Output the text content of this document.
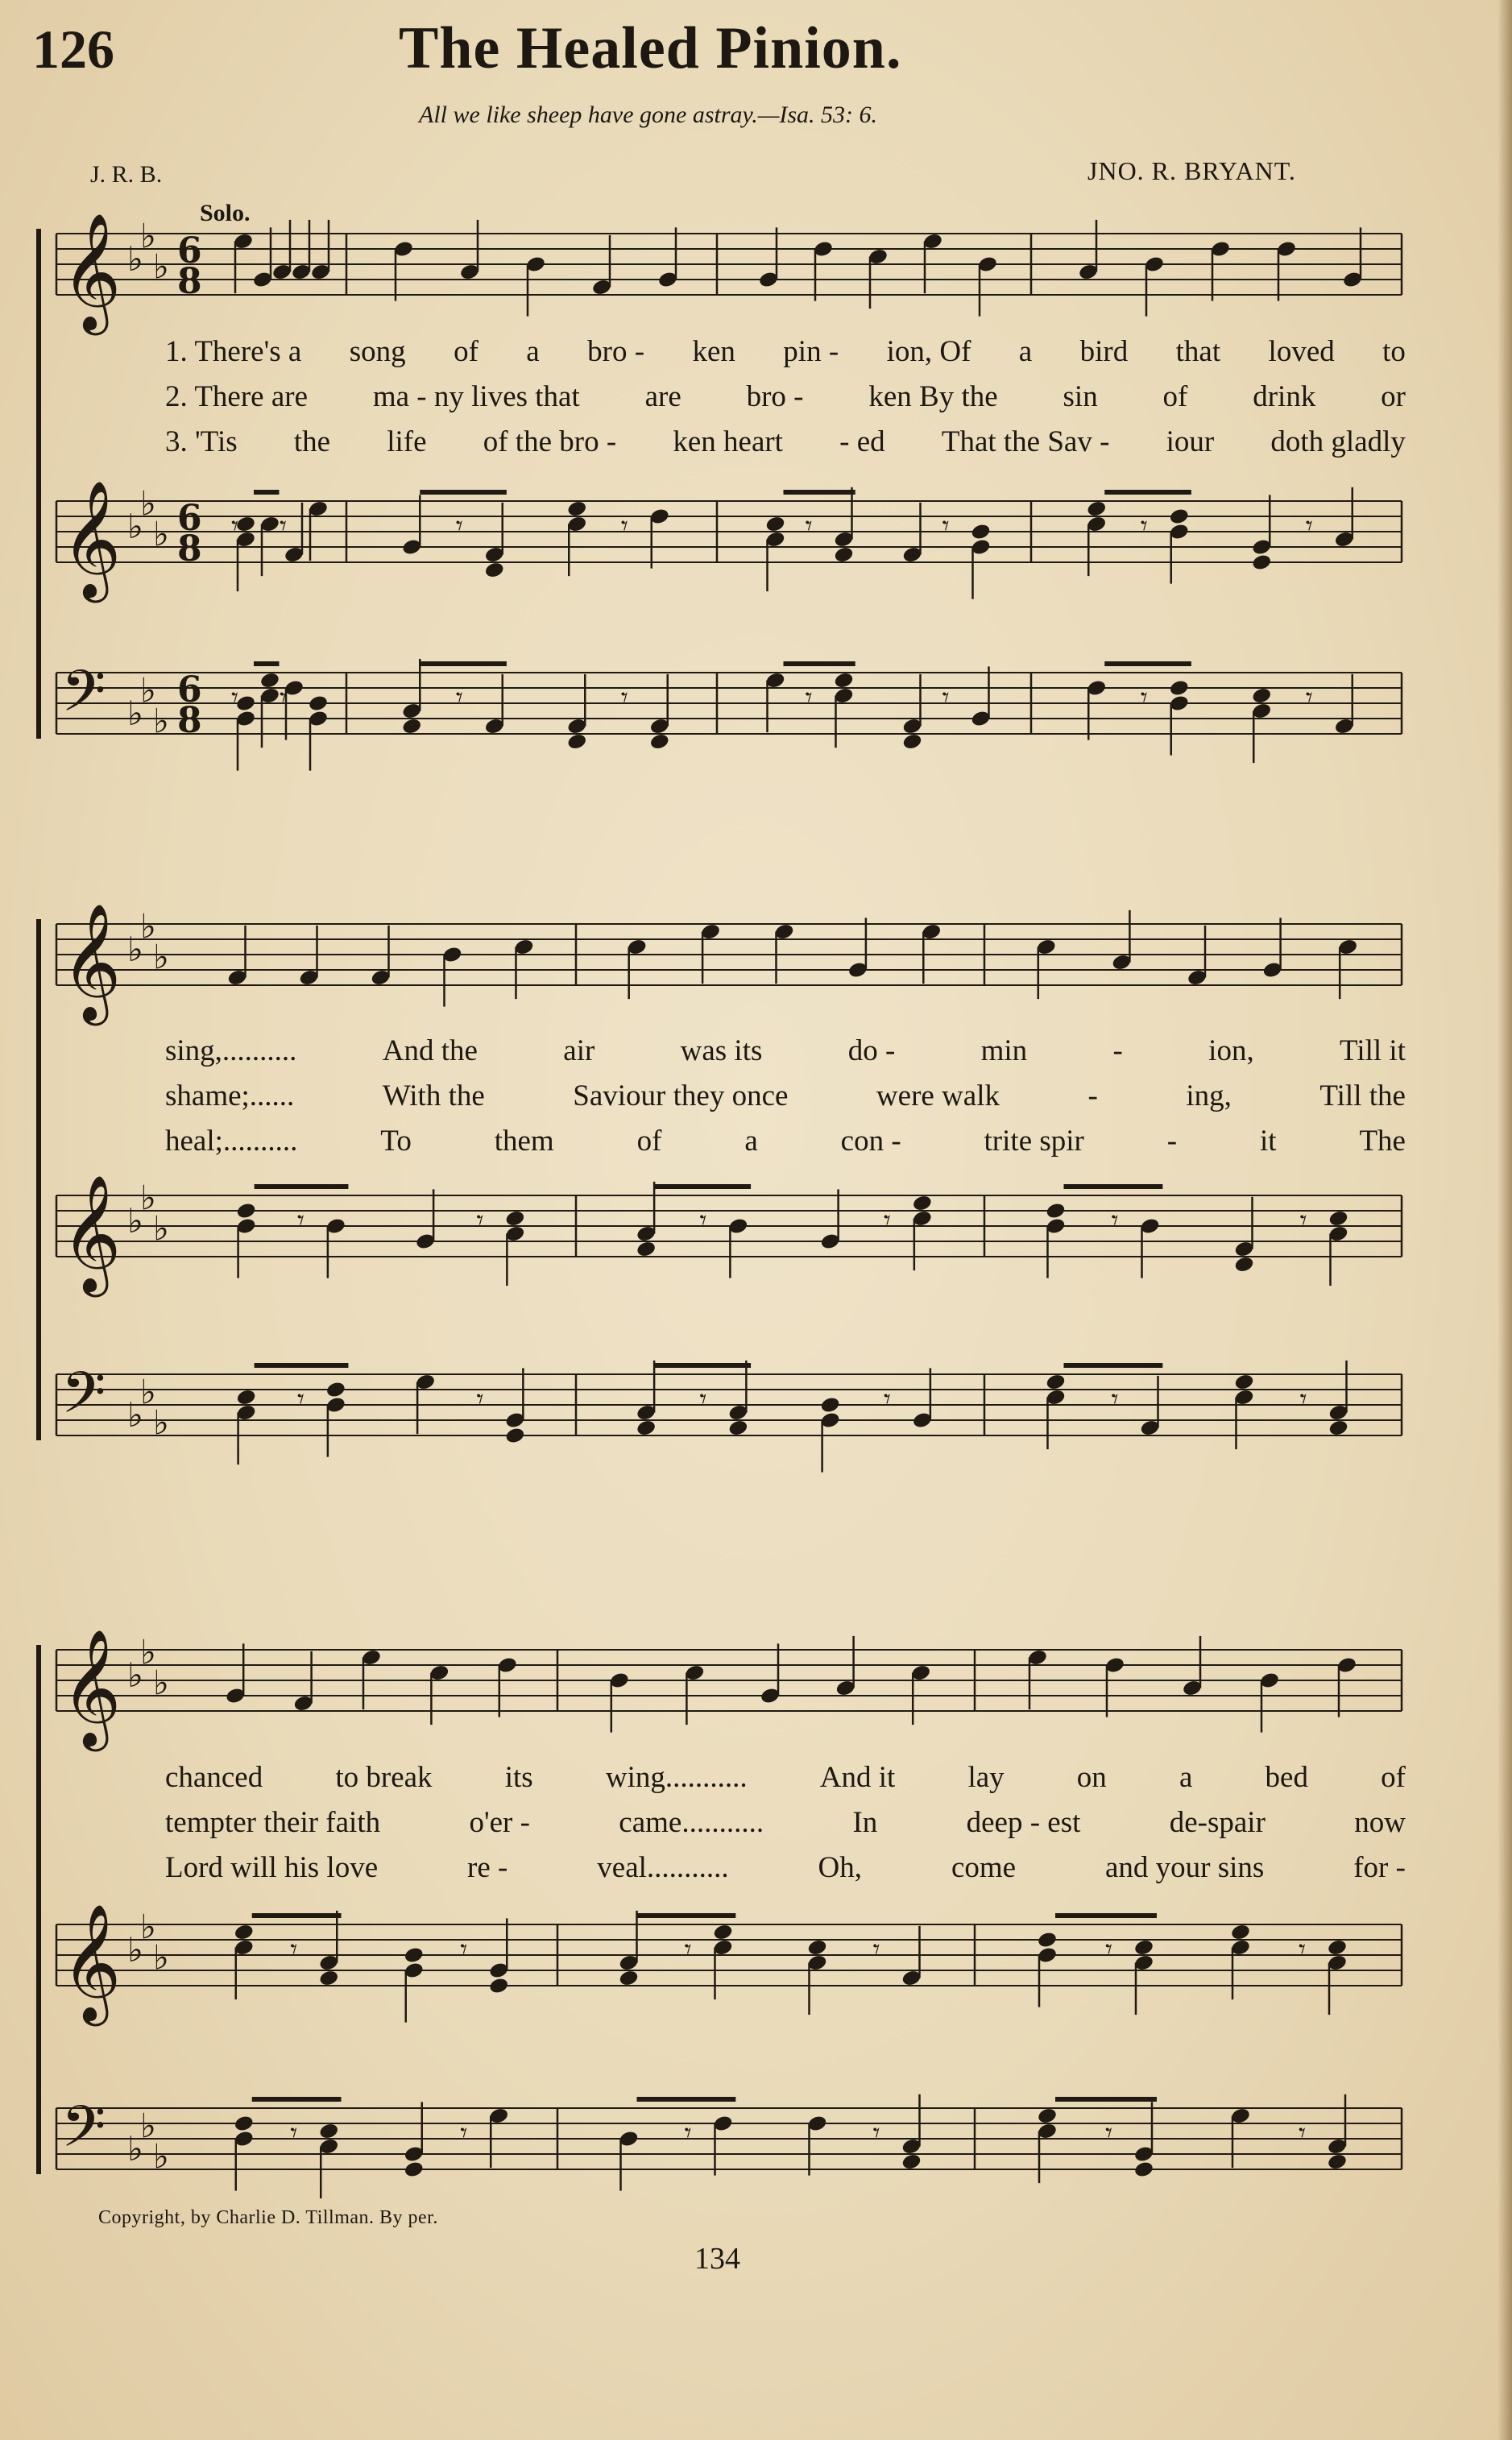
126	The Healed Pinion.
All we like sheep have gone astray.—Isa. 53: 6.
J. R. B.	JNO. R. BRYANT.
Solo.
𝄞 ♭
♭
♭ 6
8
𝄞 ♭
♭
♭ 6
8
𝄾 𝄾	𝄾	𝄾	𝄾	𝄾	𝄾	𝄾
𝄢 ♭
♭
♭
6
8
𝄾 𝄾	𝄾	𝄾	𝄾	𝄾	𝄾	𝄾
𝄞 ♭
♭
♭
𝄞 ♭
♭
♭	𝄾	𝄾	𝄾	𝄾	𝄾	𝄾
𝄢 ♭
♭
♭
𝄾	𝄾	𝄾	𝄾	𝄾	𝄾
𝄞 ♭
♭
♭
𝄞 ♭
♭
♭	𝄾	𝄾	𝄾	𝄾	𝄾	𝄾
𝄢 ♭
♭
♭
𝄾	𝄾	𝄾	𝄾	𝄾	𝄾
1. There's a song of a bro - ken pin - ion, Of a bird that loved to
2. There are ma - ny lives that are bro - ken By the sin of drink or
3. 'Tis the life of the bro - ken heart - ed That the Sav - iour doth gladly
sing,..........	And the	air	was its	do -	min	-	ion,	Till it
shame;......	With the	Saviour they once	were walk	-	ing,	Till the
heal;..........	To	them	of	a	con -	trite spir	-	it	The
chanced to break its wing........... And it lay on a bed of
tempter their faith	o'er -	came...........	In	deep - est	de-spair	now
Lord will his love	re -	veal...........	Oh,	come	and your sins	for -
Copyright, by Charlie D. Tillman. By per.
134
